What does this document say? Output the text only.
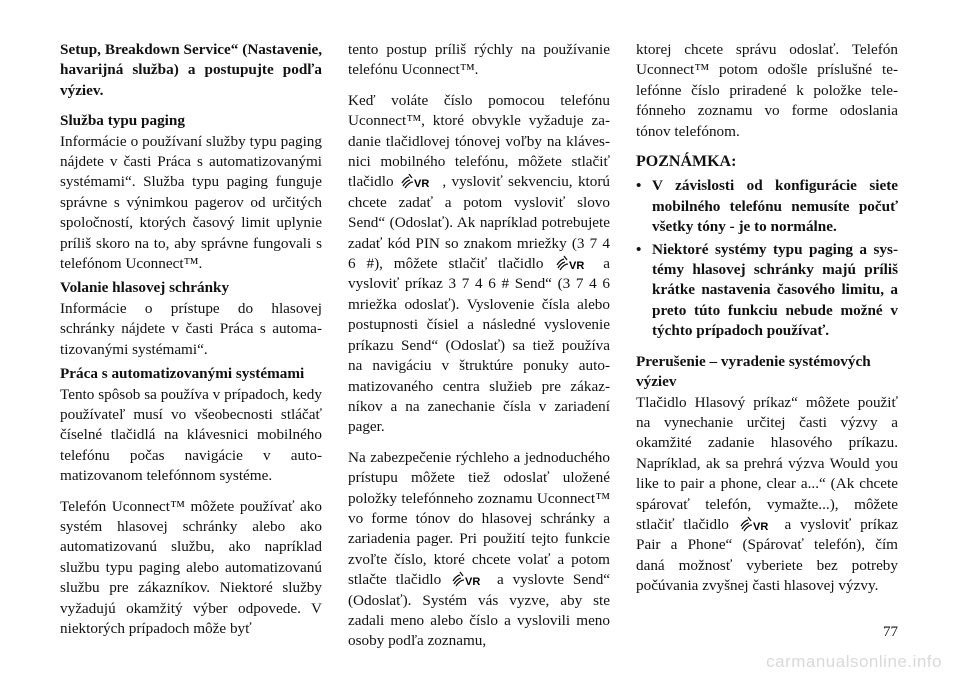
Setup, Breakdown Service“ (Nastavenie, havarijná služba) a postupujte podľa výziev.

Služba typu paging
Informácie o používaní služby typu paging nájdete v časti Práca s automatizovanými systémami“. Služba typu paging funguje správne s výnimkou pagerov od určitých spoločností, ktorých časový limit uplynie príliš skoro na to, aby správne fungovali s telefónom Uconnect™.

Volanie hlasovej schránky
Informácie o prístupe do hlasovej schránky nájdete v časti Práca s automatizovanými systémami“.

Práca s automatizovanými systémami
Tento spôsob sa používa v prípadoch, kedy používateľ musí vo všeobecnosti stláčať číselné tlačidlá na klávesnici mobilného telefónu počas navigácie v automatizovanom telefónnom systéme.

Telefón Uconnect™ môžete používať ako systém hlasovej schránky alebo ako automatizovanú službu, ako napríklad službu typu paging alebo automatizovanú službu pre zákazníkov. Niektoré služby vyžadujú okamžitý výber odpovede. V niektorých prípadoch môže byť

tento postup príliš rýchly na používanie telefónu Uconnect™.

Keď voláte číslo pomocou telefónu Uconnect™, ktoré obvykle vyžaduje zadanie tlačidlovej tónovej voľby na klávesnici mobilného telefónu, môžete stlačiť tlačidlo VR , vysloviť sekvenciu, ktorú chcete zadať a potom vysloviť slovo Send“ (Odoslať). Ak napríklad potrebujete zadať kód PIN so znakom mriežky (3 7 4 6 #), môžete stlačiť tlačidlo VR a vysloviť príkaz 3 7 4 6 # Send“ (3 7 4 6 mriežka odoslať). Vyslovenie čísla alebo postupnosti čísiel a následné vyslovenie príkazu Send“ (Odoslať) sa tiež používa na navigáciu v štruktúre ponuky automatizovaného centra služieb pre zákazníkov a na zanechanie čísla v zariadení pager.

Na zabezpečenie rýchleho a jednoduchého prístupu môžete tiež odoslať uložené položky telefónneho zoznamu Uconnect™ vo forme tónov do hlasovej schránky a zariadenia pager. Pri použití tejto funkcie zvoľte číslo, ktoré chcete volať a potom stlačte tlačidlo VR a vyslovte Send“ (Odoslať). Systém vás vyzve, aby ste zadali meno alebo číslo a vyslovili meno osoby podľa zoznamu,

ktorej chcete správu odoslať. Telefón Uconnect™ potom odošle príslušné telefónne číslo priradené k položke telefónneho zoznamu vo forme odoslania tónov telefónom.

POZNÁMKA:

• V závislosti od konfigurácie siete mobilného telefónu nemusíte počuť všetky tóny - je to normálne.
• Niektoré systémy typu paging a systémy hlasovej schránky majú príliš krátke nastavenia časového limitu, a preto túto funkciu nebude možné v týchto prípadoch používať.

Prerušenie – vyradenie systémových výziev
Tlačidlo Hlasový príkaz“ môžete použiť na vynechanie určitej časti výzvy a okamžité zadanie hlasového príkazu. Napríklad, ak sa prehrá výzva Would you like to pair a phone, clear a...“ (Ak chcete spárovať telefón, vymažte...), môžete stlačiť tlačidlo VR a vysloviť príkaz Pair a Phone“ (Spárovať telefón), čím daná možnosť vyberiete bez potreby počúvania zvyšnej časti hlasovej výzvy.

77
carmanualsonline.info
